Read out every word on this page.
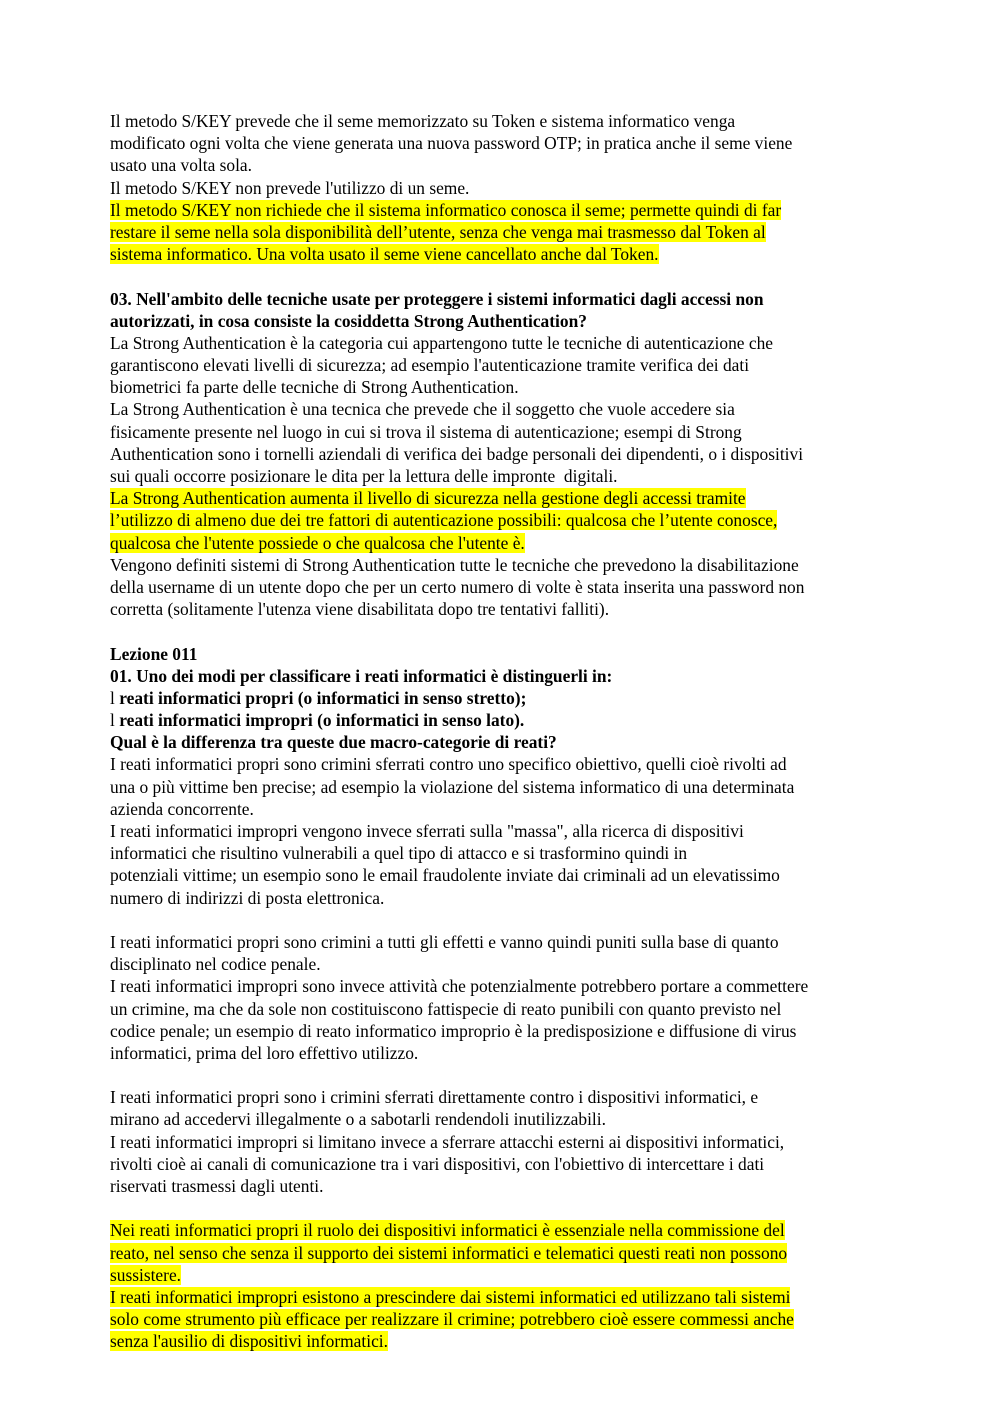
Il metodo S/KEY prevede che il seme memorizzato su Token e sistema informatico venga
modificato ogni volta che viene generata una nuova password OTP; in pratica anche il seme viene
usato una volta sola.
Il metodo S/KEY non prevede l'utilizzo di un seme.
Il metodo S/KEY non richiede che il sistema informatico conosca il seme; permette quindi di far
restare il seme nella sola disponibilità dell’utente, senza che venga mai trasmesso dal Token al
sistema informatico. Una volta usato il seme viene cancellato anche dal Token.
03. Nell'ambito delle tecniche usate per proteggere i sistemi informatici dagli accessi non
autorizzati, in cosa consiste la cosiddetta Strong Authentication?
La Strong Authentication è la categoria cui appartengono tutte le tecniche di autenticazione che
garantiscono elevati livelli di sicurezza; ad esempio l'autenticazione tramite verifica dei dati
biometrici fa parte delle tecniche di Strong Authentication.
La Strong Authentication è una tecnica che prevede che il soggetto che vuole accedere sia
fisicamente presente nel luogo in cui si trova il sistema di autenticazione; esempi di Strong
Authentication sono i tornelli aziendali di verifica dei badge personali dei dipendenti, o i dispositivi
sui quali occorre posizionare le dita per la lettura delle impronte  digitali.
La Strong Authentication aumenta il livello di sicurezza nella gestione degli accessi tramite
l’utilizzo di almeno due dei tre fattori di autenticazione possibili: qualcosa che l’utente conosce,
qualcosa che l'utente possiede o che qualcosa che l'utente è.
Vengono definiti sistemi di Strong Authentication tutte le tecniche che prevedono la disabilitazione
della username di un utente dopo che per un certo numero di volte è stata inserita una password non
corretta (solitamente l'utenza viene disabilitata dopo tre tentativi falliti).
Lezione 011
01. Uno dei modi per classificare i reati informatici è distinguerli in:
l reati informatici propri (o informatici in senso stretto);
l reati informatici impropri (o informatici in senso lato).
Qual è la differenza tra queste due macro-categorie di reati?
I reati informatici propri sono crimini sferrati contro uno specifico obiettivo, quelli cioè rivolti ad
una o più vittime ben precise; ad esempio la violazione del sistema informatico di una determinata
azienda concorrente.
I reati informatici impropri vengono invece sferrati sulla "massa", alla ricerca di dispositivi
informatici che risultino vulnerabili a quel tipo di attacco e si trasformino quindi in
potenziali vittime; un esempio sono le email fraudolente inviate dai criminali ad un elevatissimo
numero di indirizzi di posta elettronica.
I reati informatici propri sono crimini a tutti gli effetti e vanno quindi puniti sulla base di quanto
disciplinato nel codice penale.
I reati informatici impropri sono invece attività che potenzialmente potrebbero portare a commettere
un crimine, ma che da sole non costituiscono fattispecie di reato punibili con quanto previsto nel
codice penale; un esempio di reato informatico improprio è la predisposizione e diffusione di virus
informatici, prima del loro effettivo utilizzo.
I reati informatici propri sono i crimini sferrati direttamente contro i dispositivi informatici, e
mirano ad accedervi illegalmente o a sabotarli rendendoli inutilizzabili.
I reati informatici impropri si limitano invece a sferrare attacchi esterni ai dispositivi informatici,
rivolti cioè ai canali di comunicazione tra i vari dispositivi, con l'obiettivo di intercettare i dati
riservati trasmessi dagli utenti.
Nei reati informatici propri il ruolo dei dispositivi informatici è essenziale nella commissione del
reato, nel senso che senza il supporto dei sistemi informatici e telematici questi reati non possono
sussistere.
I reati informatici impropri esistono a prescindere dai sistemi informatici ed utilizzano tali sistemi
solo come strumento più efficace per realizzare il crimine; potrebbero cioè essere commessi anche
senza l'ausilio di dispositivi informatici.
